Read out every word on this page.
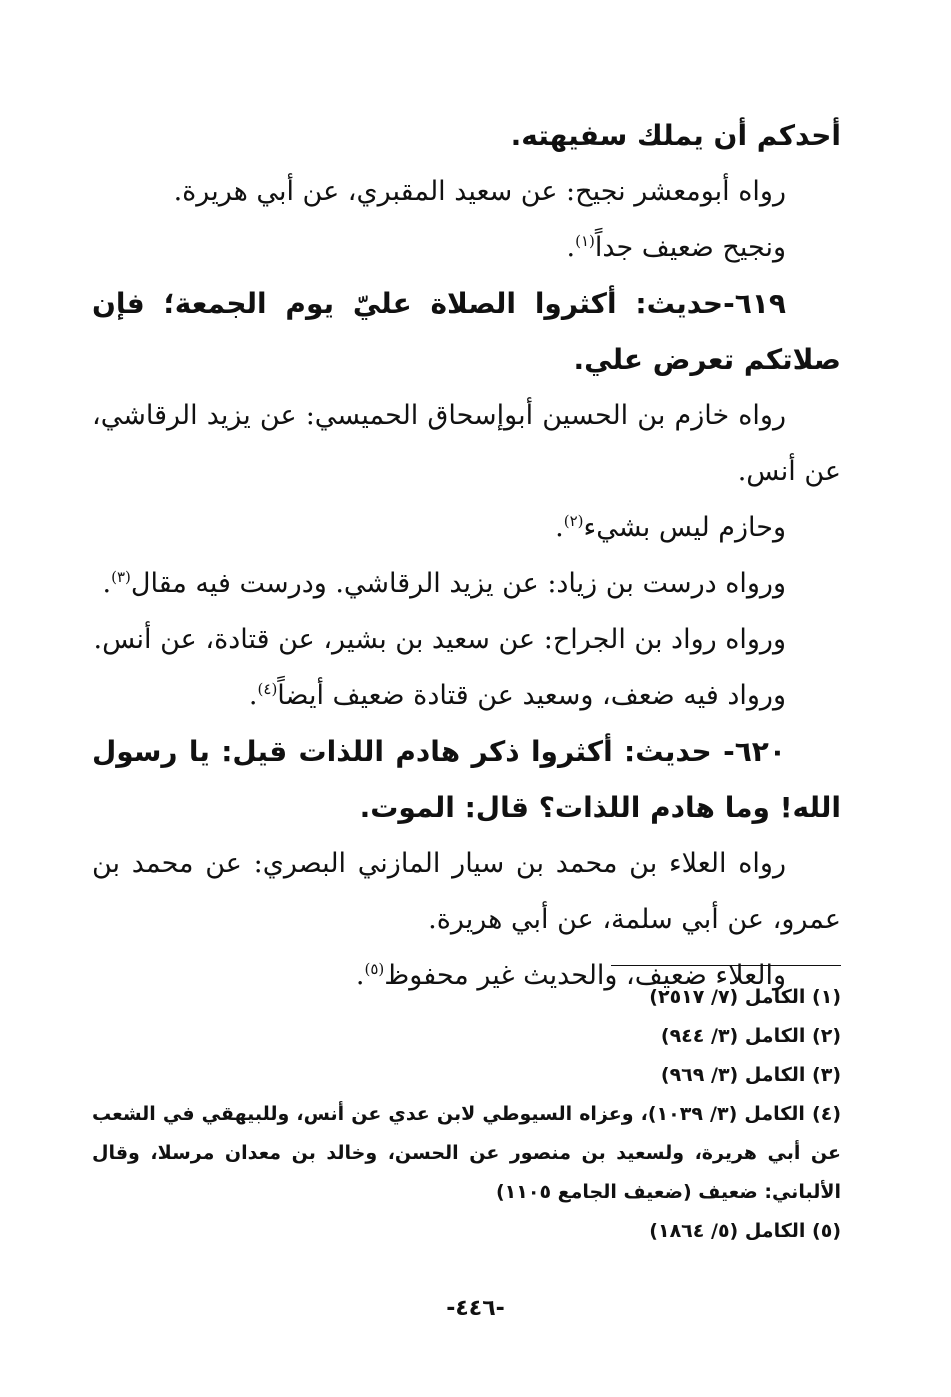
أحدكم أن يملك سفيهته.

رواه أبومعشر نجيح: عن سعيد المقبري، عن أبي هريرة.

ونجيح ضعيف جداً$^{(١)}$.

٦١٩-حديث: أكثروا الصلاة عليّ يوم الجمعة؛ فإن صلاتكم تعرض علي.

رواه خازم بن الحسين أبوإسحاق الحميسي: عن يزيد الرقاشي، عن أنس.

وحازم ليس بشيء$^{(٢)}$.

ورواه درست بن زياد: عن يزيد الرقاشي. ودرست فيه مقال$^{(٣)}$.

ورواه رواد بن الجراح: عن سعيد بن بشير، عن قتادة، عن أنس.

ورواد فيه ضعف، وسعيد عن قتادة ضعيف أيضاً$^{(٤)}$.

٦٢٠- حديث: أكثروا ذكر هادم اللذات قيل: يا رسول الله! وما هادم اللذات؟ قال: الموت.

رواه العلاء بن محمد بن سيار المازني البصري: عن محمد بن عمرو، عن أبي سلمة، عن أبي هريرة.

والعلاء ضعيف، والحديث غير محفوظ$^{(٥)}$.

(١) الكامل (٧/ ٢٥١٧)

(٢) الكامل (٣/ ٩٤٤)

(٣) الكامل (٣/ ٩٦٩)

(٤) الكامل (٣/ ١٠٣٩)، وعزاه السيوطي لابن عدي عن أنس، وللبيهقي في الشعب عن أبي هريرة، ولسعيد بن منصور عن الحسن، وخالد بن معدان مرسلا، وقال الألباني: ضعيف (ضعيف الجامع ١١٠٥)

(٥) الكامل (٥/ ١٨٦٤)

-٤٤٦-
